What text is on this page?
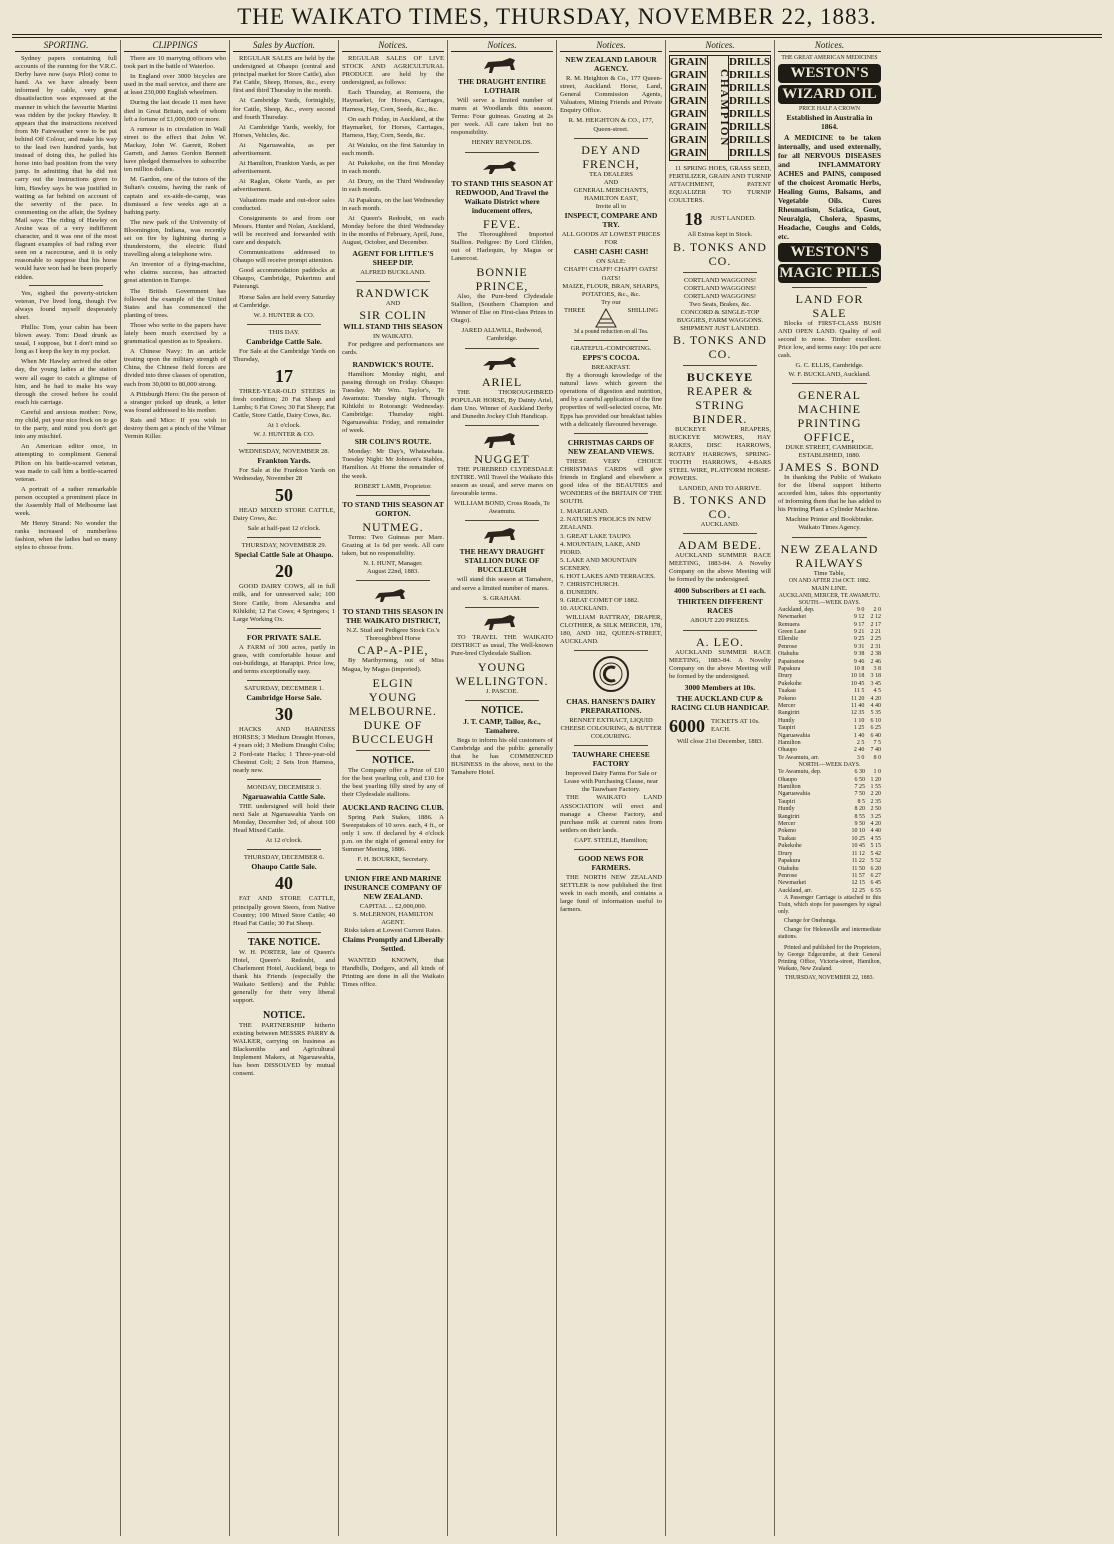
THE WAIKATO TIMES, THURSDAY, NOVEMBER 22, 1883.
SPORTING.

Sydney papers containing full accounts of the running for the V.R.C. Derby have now (says Pilot) come to hand. As we have already been informed by cable, very great dissatisfaction was expressed at the manner in which the favourite Martini was ridden by the jockey Hawley. It appears that the instructions received from Mr Fairweather were to be put behind Off Colour, and make his way to the lead two hundred yards, but instead of doing this, he pulled his horse into bad position from the very jump. In admitting that he did not carry out the instructions given to him, Hawley says he was justified in waiting as far behind on account of the severity of the pace. In commenting on the affair, the Sydney Mail says: The riding of Hawley on Arsine was of a very indifferent character, and it was one of the most flagrant examples of bad riding ever seen on a racecourse, and it is only reasonable to suppose that his horse would have won had he been properly ridden.

Yes, sighed the poverty-stricken veteran, I've lived long, though I've always found myself desperately short.

Phillis: Tom, your cabin has been blown away. Tom: Dead drunk as usual, I suppose, but I don't mind so long as I keep the key in my pocket.

When Mr Hawley arrived the other day, the young ladies at the station were all eager to catch a glimpse of him, and he had to make his way through the crowd before he could reach his carriage.

Careful and anxious mother: Now, my child, put your nice frock on to go to the party, and mind you don't get into any mischief.

An American editor once, in attempting to compliment General Pilton on his battle-scarred veteran, was made to call him a bottle-scarred veteran.

A portrait of a rather remarkable person occupied a prominent place in the Assembly Hall of Melbourne last week.

Mr Henry Strand: No wonder the ranks increased of numberless fashion, when the ladies had so many styles to choose from.

CLIPPINGS

There are 10 marrying officers who took part in the battle of Waterloo.

In England over 3000 bicycles are used in the mail service, and there are at least 230,000 English wheelmen.

During the last decade 11 men have died in Great Britain, each of whom left a fortune of £1,000,000 or more.

A rumour is in circulation in Wall street to the effect that John W. Mackay, John W. Garrett, Robert Garrett, and James Gordon Bennett have pledged themselves to subscribe ten million dollars.

M. Gardon, one of the tutors of the Sultan's cousins, having the rank of captain and ex-aide-de-camp, was dismissed a few weeks ago at a bathing party.

The new park of the University of Bloomington, Indiana, was recently set on fire by lightning during a thunderstorm, the electric fluid travelling along a telephone wire.

An inventor of a flying-machine, who claims success, has attracted great attention in Europe.

The British Government has followed the example of the United States and has commenced the planting of trees.

Those who write to the papers have lately been much exercised by a grammatical question as to Speakers.

A Chinese Navy: In an article treating upon the military strength of China, the Chinese field forces are divided into three classes of operation, each from 30,000 to 80,000 strong.

A Pittsburgh Hero: On the person of a stranger picked up drunk, a letter was found addressed to his mother.

Rats and Mice: If you wish to destroy them get a pinch of the Vilmar Vermin Killer.

Sales by Auction.

REGULAR SALES are held by the undersigned at Ohaupo (central and principal market for Store Cattle), also Fat Cattle, Sheep, Horses, &c., every first and third Thursday in the month.

At Cambridge Yards, fortnightly, for Cattle, Sheep, &c., every second and fourth Thursday.

At Cambridge Yards, weekly, for Horses, Vehicles, &c.

At Ngaruawahia, as per advertisement.

At Hamilton, Frankton Yards, as per advertisement.

At Raglan, Okete Yards, as per advertisement.

Valuations made and out-door sales conducted.

Consignments to and from our Messrs. Hunter and Nolan, Auckland, will be received and forwarded with care and despatch.

Communications addressed to Ohaupo will receive prompt attention.

Good accommodation paddocks at Ohaupo, Cambridge, Pukerimu and Paterangi.

Horse Sales are held every Saturday at Cambridge.

W. J. HUNTER & CO.
THIS DAY.
Cambridge Cattle Sale.

For Sale at the Cambridge Yards on Thursday,

17

THREE-YEAR-OLD STEERS in fresh condition; 20 Fat Sheep and Lambs; 6 Fat Cows; 30 Fat Sheep; Fat Cattle, Store Cattle, Dairy Cows, &c.

At 1 o'clock.
W. J. HUNTER & CO.
WEDNESDAY, NOVEMBER 28.
Frankton Yards.

For Sale at the Frankton Yards on Wednesday, November 28

50

HEAD MIXED STORE CATTLE, Dairy Cows, &c.

Sale at half-past 12 o'clock.
THURSDAY, NOVEMBER 29.
Special Cattle Sale at Ohaupo.
20

GOOD DAIRY COWS, all in full milk, and for unreserved sale; 100 Store Cattle, from Alexandra and Kihikihi; 12 Fat Cows; 4 Springers; 1 Large Working Ox.

FOR PRIVATE SALE.

A FARM of 300 acres, partly in grass, with comfortable house and out-buildings, at Harapipi. Price low, and terms exceptionally easy.

SATURDAY, DECEMBER 1.
Cambridge Horse Sale.
30

HACKS AND HARNESS HORSES; 3 Medium Draught Horses, 4 years old; 3 Medium Draught Colts; 2 Ford-rate Hacks; 1 Three-year-old Chestnut Colt; 2 Sets Iron Harness, nearly new.

MONDAY, DECEMBER 3.
Ngaruawahia Cattle Sale.

THE undersigned will hold their next Sale at Ngaruawahia Yards on Monday, December 3rd, of about 100 Head Mixed Cattle.

At 12 o'clock.
THURSDAY, DECEMBER 6.
Ohaupo Cattle Sale.
40

FAT AND STORE CATTLE, principally grown Steers, from Native Country; 100 Mixed Store Cattle; 40 Head Fat Cattle; 30 Fat Sheep.

TAKE NOTICE.

W. H. PORTER, late of Queen's Hotel, Queen's Redoubt, and Charlemont Hotel, Auckland, begs to thank his Friends (especially the Waikato Settlers) and the Public generally for their very liberal support.

NOTICE.

THE PARTNERSHIP hitherto existing between MESSRS PARRY & WALKER, carrying on business as Blacksmiths and Agricultural Implement Makers, at Ngaruawahia, has been DISSOLVED by mutual consent.

Notices.

REGULAR SALES OF LIVE STOCK AND AGRICULTURAL PRODUCE are held by the undersigned, as follows:

Each Thursday, at Remuera, the Haymarket, for Horses, Carriages, Harness, Hay, Corn, Seeds, &c., &c.

On each Friday, in Auckland, at the Haymarket, for Horses, Carriages, Harness, Hay, Corn, Seeds, &c.

At Waiuku, on the first Saturday in each month.

At Pukekohe, on the first Monday in each month.

At Drury, on the Third Wednesday in each month.

At Papakura, on the last Wednesday in each month.

At Queen's Redoubt, on each Monday before the third Wednesday in the months of February, April, June, August, October, and December.

AGENT FOR LITTLE'S SHEEP DIP.
ALFRED BUCKLAND.
RANDWICK
AND
SIR COLIN
WILL STAND THIS SEASON
IN WAIKATO.

For pedigree and performances see cards.

RANDWICK'S ROUTE.

Hamilton: Monday night, and passing through on Friday. Ohaupo: Tuesday. Mr Wm. Taylor's, Te Awamutu: Tuesday night. Through Kihikihi to Rotorangi: Wednesday. Cambridge: Thursday night. Ngaruawahia: Friday, and remainder of week.

SIR COLIN'S ROUTE.

Monday: Mr Day's, Whatawhata. Tuesday Night: Mr Johnson's Stables, Hamilton. At Home the remainder of the week.

ROBERT LAMB, Proprietor.
TO STAND THIS SEASON AT GORTON.
NUTMEG.

Terms: Two Guineas per Mare. Grazing at 1s 6d per week. All care taken, but no responsibility.

N. I. HUNT, Manager.
August 22nd, 1883.
TO STAND THIS SEASON IN THE WAIKATO DISTRICT,
N.Z. Stud and Pedigree Stock Co.'s
Thoroughbred Horse
CAP-A-PIE,

By Maribyrnong, out of Miss Magua, by Magus (imported).

ELGIN
YOUNG MELBOURNE.
DUKE OF BUCCLEUGH
NOTICE.

The Company offer a Prize of £10 for the best yearling colt, and £10 for the best yearling filly sired by any of their Clydesdale stallions.

AUCKLAND RACING CLUB.

Spring Park Stakes, 1886. A Sweepstakes of 10 sovs. each, 4 ft., or only 1 sov. if declared by 4 o'clock p.m. on the night of general entry for Summer Meeting, 1886.

F. H. BOURKE, Secretary.
UNION FIRE AND MARINE INSURANCE COMPANY OF NEW ZEALAND.
CAPITAL ... £2,000,000.
S. McLERNON, HAMILTON AGENT.
Risks taken at Lowest Current Rates.
Claims Promptly and Liberally Settled.

WANTED KNOWN, that Handbills, Dodgers, and all kinds of Printing are done in all the Waikato Times office.

Notices.
THE DRAUGHT ENTIRE LOTHAIR

Will serve a limited number of mares at Woodlands this season. Terms: Four guineas. Grazing at 2s per week. All care taken but no responsibility.

HENRY REYNOLDS.
TO STAND THIS SEASON AT REDWOOD, And Travel the Waikato District where inducement offers,
FEVE.

The Thoroughbred Imported Stallion. Pedigree: By Lord Clifden, out of Harlequin, by Magus or Lanercost.

BONNIE PRINCE,

Also, the Pure-bred Clydesdale Stallion, (Southern Champion and Winner of Else on First-class Prizes in Otago).

JARED ALLWILL, Redwood, Cambridge.
ARIEL

THE THOROUGHBRED POPULAR HORSE, By Dainty Ariel, dam Uno. Winner of Auckland Derby and Dunedin Jockey Club Handicap.

NUGGET

THE PUREBRED CLYDESDALE ENTIRE. Will Travel the Waikato this season as usual, and serve mares on favourable terms.

WILLIAM BOND, Cross Roads, Te Awamutu.
THE HEAVY DRAUGHT STALLION DUKE OF BUCCLEUGH

will stand this season at Tamahere, and serve a limited number of mares.

S. GRAHAM.

TO TRAVEL THE WAIKATO DISTRICT as usual, The Well-known Pure-bred Clydesdale Stallion.

YOUNG WELLINGTON.
J. PASCOE.
NOTICE.
J. T. CAMP, Tailor, &c., Tamahere.

Begs to inform his old customers of Cambridge and the public generally that he has COMMENCED BUSINESS in the above, next to the Tamahere Hotel.

Notices.
NEW ZEALAND LABOUR AGENCY.

R. M. Heighton & Co., 177 Queen-street, Auckland. Horse, Land, General Commission Agents, Valuators, Mining Friends and Private Enquiry Office.

R. M. HEIGHTON & CO., 177, Queen-street.
DEY AND FRENCH,
TEA DEALERS
AND
GENERAL MERCHANTS,
HAMILTON EAST,
Invite all to
INSPECT, COMPARE AND TRY.
ALL GOODS AT LOWEST PRICES FOR
CASH! CASH! CASH!
ON SALE:
CHAFF! CHAFF! CHAFF! OATS! OATS!
MAIZE, FLOUR, BRAN, SHARPS, POTATOES, &c., &c.
Try our
THREE	SHILLING
3d a pound reduction on all Tea.
GRATEFUL-COMFORTING.
EPPS'S COCOA.
BREAKFAST.

By a thorough knowledge of the natural laws which govern the operations of digestion and nutrition, and by a careful application of the fine properties of well-selected cocoa, Mr. Epps has provided our breakfast tables with a delicately flavoured beverage.

CHRISTMAS CARDS OF NEW ZEALAND VIEWS.

THESE VERY CHOICE CHRISTMAS CARDS will give friends in England and elsewhere a good idea of the BEAUTIES and WONDERS of the BRITAIN OF THE SOUTH.

1. MARGILAND.
2. NATURE'S FROLICS IN NEW ZEALAND.
3. GREAT LAKE TAUPO.
4. MOUNTAIN, LAKE, AND FIORD.
5. LAKE AND MOUNTAIN SCENERY.
6. HOT LAKES AND TERRACES.
7. CHRISTCHURCH.
8. DUNEDIN.
9. GREAT COMET OF 1882.
10. AUCKLAND.

WILLIAM RATTRAY, DRAPER, CLOTHIER, & SILK MERCER, 178, 180, AND 182, QUEEN-STREET, AUCKLAND.

CHAS. HANSEN'S DAIRY PREPARATIONS.
RENNET EXTRACT, LIQUID CHEESE COLOURING, & BUTTER COLOURING.
TAUWHARE CHEESE FACTORY
Improved Dairy Farms For Sale or Lease with Purchasing Clause, near the Tauwhare Factory.

THE WAIKATO LAND ASSOCIATION will erect and manage a Cheese Factory, and purchase milk at current rates from settlers on their lands.

CAPT. STEELE, Hamilton;
GOOD NEWS FOR FARMERS.

THE NORTH NEW ZEALAND SETTLER is now published the first week in each month, and contains a large fund of information useful to farmers.

Notices.
GRAIN
GRAIN
GRAIN
GRAIN
GRAIN
GRAIN
GRAIN
GRAIN
CHAMPION
DRILLS
DRILLS
DRILLS
DRILLS
DRILLS
DRILLS
DRILLS
DRILLS

11 SPRING HOES, GRASS SEED, FERTILIZER, GRAIN AND TURNIP ATTACHMENT, PATENT EQUALIZER TO TURNIP COULTERS.

18 JUST LANDED.
All Extras kept in Stock.
B. TONKS AND CO.
CORTLAND WAGGONS!
CORTLAND WAGGONS!
CORTLAND WAGGONS!
Two Seats, Brakes, &c.
CONCORD & SINGLE-TOP BUGGIES, FARM WAGGONS.
SHIPMENT JUST LANDED.
B. TONKS AND CO.
BUCKEYE
REAPER & STRING BINDER.

BUCKEYE REAPERS, BUCKEYE MOWERS, HAY RAKES, DISC HARROWS, ROTARY HARROWS, SPRING-TOOTH HARROWS, 4-BARS STEEL WIRE, PLATFORM HORSE-POWERS.

LANDED, AND TO ARRIVE.
B. TONKS AND CO.
AUCKLAND.
ADAM BEDE.

AUCKLAND SUMMER RACE MEETING, 1883-84. A Novelty Company on the above Meeting will be formed by the undersigned.

4000 Subscribers at £1 each.
THIRTEEN DIFFERENT RACES
ABOUT 220 PRIZES.
A. LEO.

AUCKLAND SUMMER RACE MEETING, 1883-84. A Novelty Company on the above Meeting will be formed by the undersigned.

3000 Members at 10s.
THE AUCKLAND CUP & RACING CLUB HANDICAP.
6000 TICKETS AT 10s. EACH.
Will close 21st December, 1883.
Notices.
THE GREAT AMERICAN MEDICINES
WESTON'S
WIZARD OIL
PRICE HALF A CROWN
Established in Australia in 1864.

A MEDICINE to be taken internally, and used externally, for all NERVOUS DISEASES and INFLAMMATORY ACHES and PAINS, composed of the choicest Aromatic Herbs, Healing Gums, Balsams, and Vegetable Oils. Cures Rheumatism, Sciatica, Gout, Neuralgia, Cholera, Spasms, Headache, Coughs and Colds, etc.

WESTON'S
MAGIC PILLS
LAND FOR SALE

Blocks of FIRST-CLASS BUSH AND OPEN LAND. Quality of soil second to none. Timber excellent. Price low, and terms easy: 10s per acre cash.

G. C. ELLIS, Cambridge.
W. F. BUCKLAND, Auckland.
GENERAL MACHINE
PRINTING OFFICE,
DUKE STREET, CAMBRIDGE.
ESTABLISHED, 1880.
JAMES S. BOND

In thanking the Public of Waikato for the liberal support hitherto accorded him, takes this opportunity of informing them that he has added to his Printing Plant a Cylinder Machine.

Machine Printer and Bookbinder.
Waikato Times Agency.
NEW ZEALAND RAILWAYS
Time Table,
ON AND AFTER 21st OCT. 1882.
MAIN LINE.
AUCKLAND, MERCER, TE AWAMUTU.
SOUTH.—WEEK DAYS.
Auckland, dep.	9 0	2 0
Newmarket	9 12	2 12
Remuera	9 17	2 17
Green Lane	9 21	2 21
Ellerslie	9 25	2 25
Penrose	9 31	2 31
Otahuhu	9 38	2 38
Papatoetoe	9 46	2 46
Papakura	10 8	3 8
Drury	10 18	3 18
Pukekohe	10 45	3 45
Tuakau	11 5	4 5
Pokeno	11 20	4 20
Mercer	11 40	4 40
Rangiriri	12 35	5 35
Huntly	1 10	6 10
Taupiri	1 25	6 25
Ngaruawahia	1 40	6 40
Hamilton	2 5	7 5
Ohaupo	2 40	7 40
Te Awamutu, arr.	3 0	8 0
NORTH.—WEEK DAYS.
Te Awamutu, dep.	6 30	1 0
Ohaupo	6 50	1 20
Hamilton	7 25	1 55
Ngaruawahia	7 50	2 20
Taupiri	8 5	2 35
Huntly	8 20	2 50
Rangiriri	8 55	3 25
Mercer	9 50	4 20
Pokeno	10 10	4 40
Tuakau	10 25	4 55
Pukekohe	10 45	5 15
Drury	11 12	5 42
Papakura	11 22	5 52
Otahuhu	11 50	6 20
Penrose	11 57	6 27
Newmarket	12 15	6 45
Auckland, arr.	12 25	6 55

A Passenger Carriage is attached to this Train, which stops for passengers by signal only.

Change for Onehunga.

Change for Helensville and intermediate stations.

Printed and published for the Proprietors, by George Edgecumbe, at their General Printing Office, Victoria-street, Hamilton, Waikato, New Zealand.

THURSDAY, NOVEMBER 22, 1883.
